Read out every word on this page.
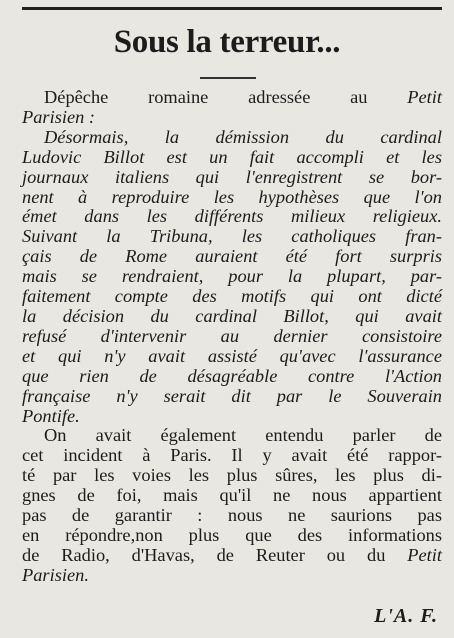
Sous la terreur...

Dépêche romaine adressée au Petit
Parisien :

Désormais, la démission du cardinal
Ludovic Billot est un fait accompli et les
journaux italiens qui l'enregistrent se bor-
nent à reproduire les hypothèses que l'on
émet dans les différents milieux religieux.
Suivant la Tribuna, les catholiques fran-
çais de Rome auraient été fort surpris
mais se rendraient, pour la plupart, par-
faitement compte des motifs qui ont dicté
la décision du cardinal Billot, qui avait
refusé d'intervenir au dernier consistoire
et qui n'y avait assisté qu'avec l'assurance
que rien de désagréable contre l'Action
française n'y serait dit par le Souverain
Pontife.

On avait également entendu parler de
cet incident à Paris. Il y avait été rappor-
té par les voies les plus sûres, les plus di-
gnes de foi, mais qu'il ne nous appartient
pas de garantir : nous ne saurions pas
en répondre,non plus que des informations
de Radio, d'Havas, de Reuter ou du Petit
Parisien.

L'A. F.
